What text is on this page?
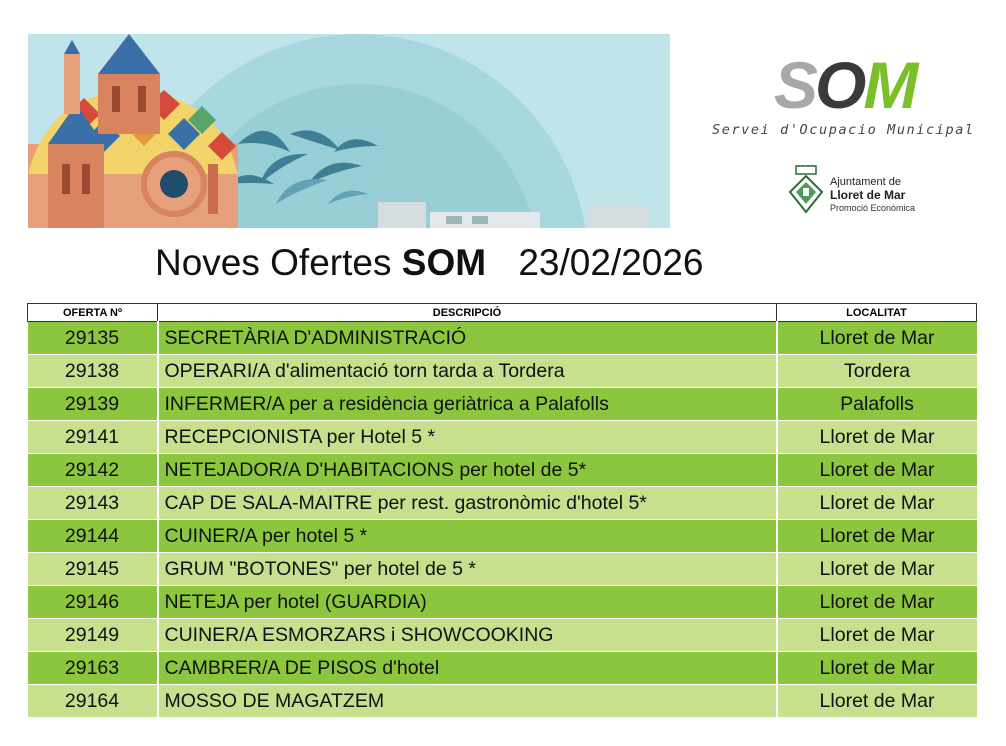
SOM
Servei d'Ocupacio Municipal
Ajuntament de
Lloret de Mar
Promoció Econòmica
Noves Ofertes SOM 23/02/2026
OFERTA Nº	DESCRIPCIÓ	LOCALITAT
29135	SECRETÀRIA D'ADMINISTRACIÓ	Lloret de Mar
29138	OPERARI/A d'alimentació torn tarda a Tordera	Tordera
29139	INFERMER/A per a residència geriàtrica a Palafolls	Palafolls
29141	RECEPCIONISTA per Hotel 5 *	Lloret de Mar
29142	NETEJADOR/A D'HABITACIONS per hotel de 5*	Lloret de Mar
29143	CAP DE SALA-MAITRE per rest. gastronòmic d'hotel 5*	Lloret de Mar
29144	CUINER/A per hotel 5 *	Lloret de Mar
29145	GRUM "BOTONES" per hotel de 5 *	Lloret de Mar
29146	NETEJA per hotel (GUARDIA)	Lloret de Mar
29149	CUINER/A ESMORZARS i SHOWCOOKING	Lloret de Mar
29163	CAMBRER/A DE PISOS d'hotel	Lloret de Mar
29164	MOSSO DE MAGATZEM	Lloret de Mar
